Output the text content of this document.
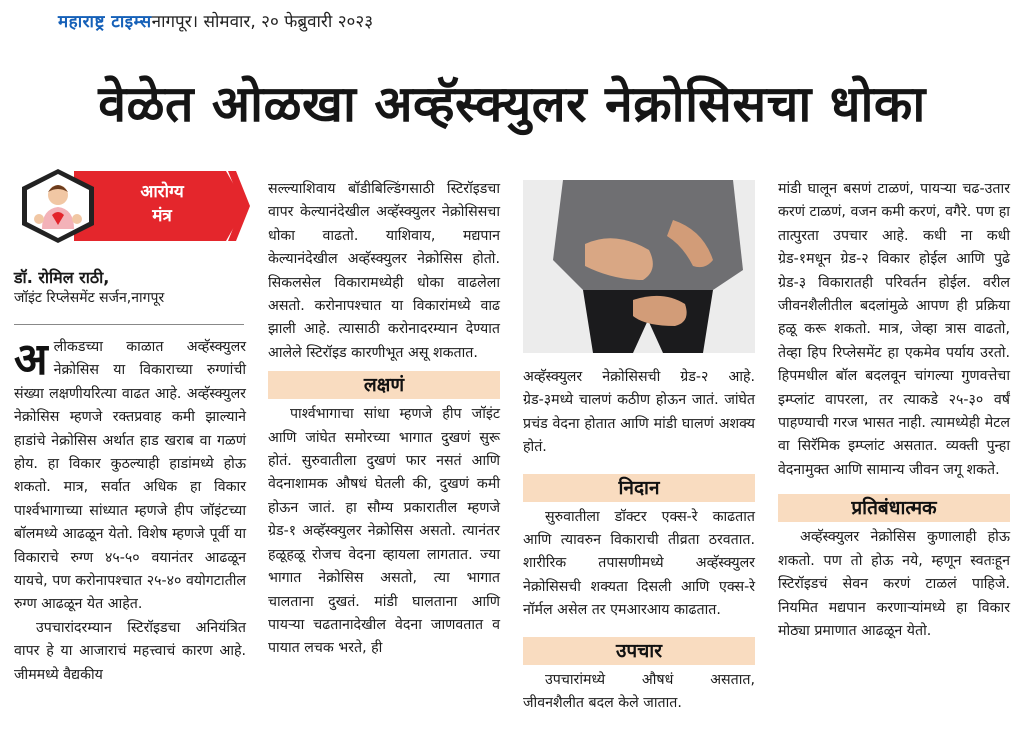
महाराष्ट्र टाइम्स नागपूर। सोमवार, २० फेब्रुवारी २०२३
वेळेत ओळखा अव्हॅस्क्युलर नेक्रोसिसचा धोका
आरोग्य
मंत्र
डॉ. रोमिल राठी,
जॉइंट रिप्लेसमेंट सर्जन,नागपूर

अलीकडच्या काळात अव्हॅस्क्युलर नेक्रोसिस या विकाराच्या रुग्णांची संख्या लक्षणीयरित्या वाढत आहे. अव्हॅस्क्युलर नेक्रोसिस म्हणजे रक्तप्रवाह कमी झाल्याने हाडांचे नेक्रोसिस अर्थात हाड खराब वा गळणं होय. हा विकार कुठल्याही हाडांमध्ये होऊ शकतो. मात्र, सर्वात अधिक हा विकार पार्श्वभागाच्या सांध्यात म्हणजे हीप जॉइंटच्या बॉलमध्ये आढळून येतो. विशेष म्हणजे पूर्वी या विकाराचे रुग्ण ४५-५० वयानंतर आढळून यायचे, पण करोनापश्चात २५-४० वयोगटातील रुग्ण आढळून येत आहेत.

उपचारांदरम्यान स्टिरॉइडचा अनियंत्रित वापर हे या आजाराचं महत्त्वाचं कारण आहे. जीममध्ये वैद्यकीय

सल्ल्याशिवाय बॉडीबिल्डिंगसाठी स्टिरॉइडचा वापर केल्यानंदेखील अव्हॅस्क्युलर नेक्रोसिसचा धोका वाढतो. याशिवाय, मद्यपान केल्यानंदेखील अव्हॅस्क्युलर नेक्रोसिस होतो. सिकलसेल विकारामध्येही धोका वाढलेला असतो. करोनापश्चात या विकारांमध्ये वाढ झाली आहे. त्यासाठी करोनादरम्यान देण्यात आलेले स्टिरॉइड कारणीभूत असू शकतात.

लक्षणं

पार्श्वभागाचा सांधा म्हणजे हीप जॉइंट आणि जांघेत समोरच्या भागात दुखणं सुरू होतं. सुरुवातीला दुखणं फार नसतं आणि वेदनाशामक औषधं घेतली की, दुखणं कमी होऊन जातं. हा सौम्य प्रकारातील म्हणजे ग्रेड-१ अव्हॅस्क्युलर नेक्रोसिस असतो. त्यानंतर हळूहळू रोजच वेदना व्हायला लागतात. ज्या भागात नेक्रोसिस असतो, त्या भागात चालताना दुखतं. मांडी घालताना आणि पायऱ्या चढतानादेखील वेदना जाणवतात व पायात लचक भरते, ही

अव्हॅस्क्युलर नेक्रोसिसची ग्रेड-२ आहे. ग्रेड-३मध्ये चालणं कठीण होऊन जातं. जांघेत प्रचंड वेदना होतात आणि मांडी घालणं अशक्य होतं.

निदान

सुरुवातीला डॉक्टर एक्स-रे काढतात आणि त्यावरुन विकाराची तीव्रता ठरवतात. शारीरिक तपासणीमध्ये अव्हॅस्क्युलर नेक्रोसिसची शक्यता दिसली आणि एक्स-रे नॉर्मल असेल तर एमआरआय काढतात.

उपचार

उपचारांमध्ये औषधं असतात, जीवनशैलीत बदल केले जातात.

मांडी घालून बसणं टाळणं, पायऱ्या चढ-उतार करणं टाळणं, वजन कमी करणं, वगैरे. पण हा तात्पुरता उपचार आहे. कधी ना कधी ग्रेड-१मधून ग्रेड-२ विकार होईल आणि पुढे ग्रेड-३ विकारातही परिवर्तन होईल. वरील जीवनशैलीतील बदलांमुळे आपण ही प्रक्रिया हळू करू शकतो. मात्र, जेव्हा त्रास वाढतो, तेव्हा हिप रिप्लेसमेंट हा एकमेव पर्याय उरतो. हिपमधील बॉल बदलवून चांगल्या गुणवत्तेचा इम्प्लांट वापरला, तर त्याकडे २५-३० वर्षं पाहण्याची गरज भासत नाही. त्यामध्येही मेटल वा सिरॅमिक इम्प्लांट असतात. व्यक्ती पुन्हा वेदनामुक्त आणि सामान्य जीवन जगू शकते.

प्रतिबंधात्मक

अव्हॅस्क्युलर नेक्रोसिस कुणालाही होऊ शकतो. पण तो होऊ नये, म्हणून स्वतःहून स्टिरॉइडचं सेवन करणं टाळलं पाहिजे. नियमित मद्यपान करणाऱ्यांमध्ये हा विकार मोठ्या प्रमाणात आढळून येतो.
